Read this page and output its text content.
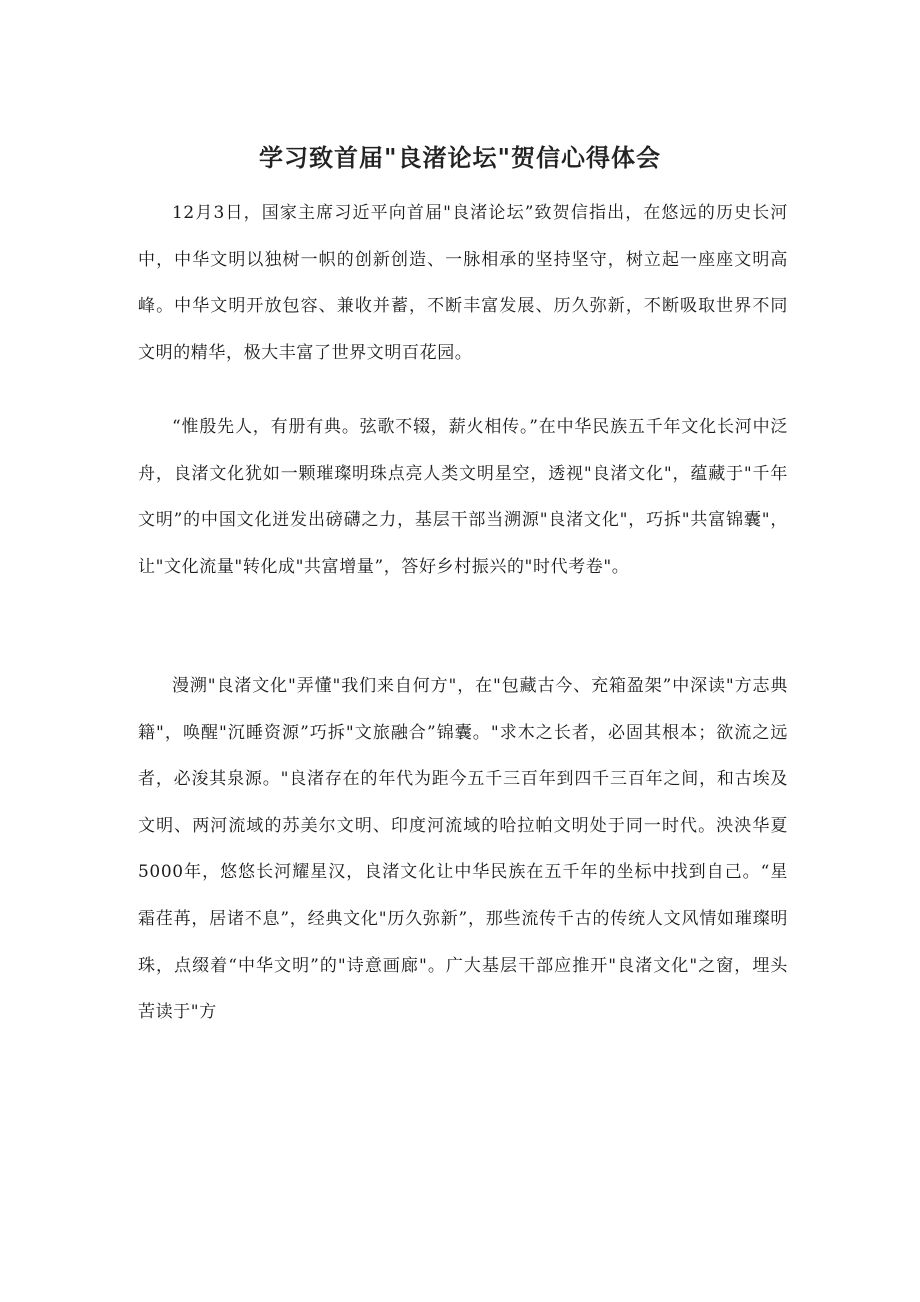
学习致首届"良渚论坛"贺信心得体会

12月3日，国家主席习近平向首届"良渚论坛”致贺信指出，在悠远的历史长河中，中华文明以独树一帜的创新创造、一脉相承的坚持坚守，树立起一座座文明高峰。中华文明开放包容、兼收并蓄，不断丰富发展、历久弥新，不断吸取世界不同文明的精华，极大丰富了世界文明百花园。

“惟殷先人，有册有典。弦歌不辍，薪火相传。”在中华民族五千年文化长河中泛舟，良渚文化犹如一颗璀璨明珠点亮人类文明星空，透视"良渚文化"，蕴藏于"千年文明”的中国文化迸发出磅礴之力，基层干部当溯源"良渚文化"，巧拆"共富锦囊"，让"文化流量"转化成"共富增量”，答好乡村振兴的"时代考卷"。

漫溯"良渚文化"弄懂"我们来自何方"，在"包藏古今、充箱盈架”中深读"方志典籍"，唤醒"沉睡资源”巧拆"文旅融合”锦囊。"求木之长者，必固其根本；欲流之远者，必浚其泉源。"良渚存在的年代为距今五千三百年到四千三百年之间，和古埃及文明、两河流域的苏美尔文明、印度河流域的哈拉帕文明处于同一时代。泱泱华夏5000年，悠悠长河耀星汉，良渚文化让中华民族在五千年的坐标中找到自己。“星霜荏苒，居诸不息”，经典文化"历久弥新”，那些流传千古的传统人文风情如璀璨明珠，点缀着“中华文明”的"诗意画廊"。广大基层干部应推开"良渚文化"之窗，埋头苦读于"方
